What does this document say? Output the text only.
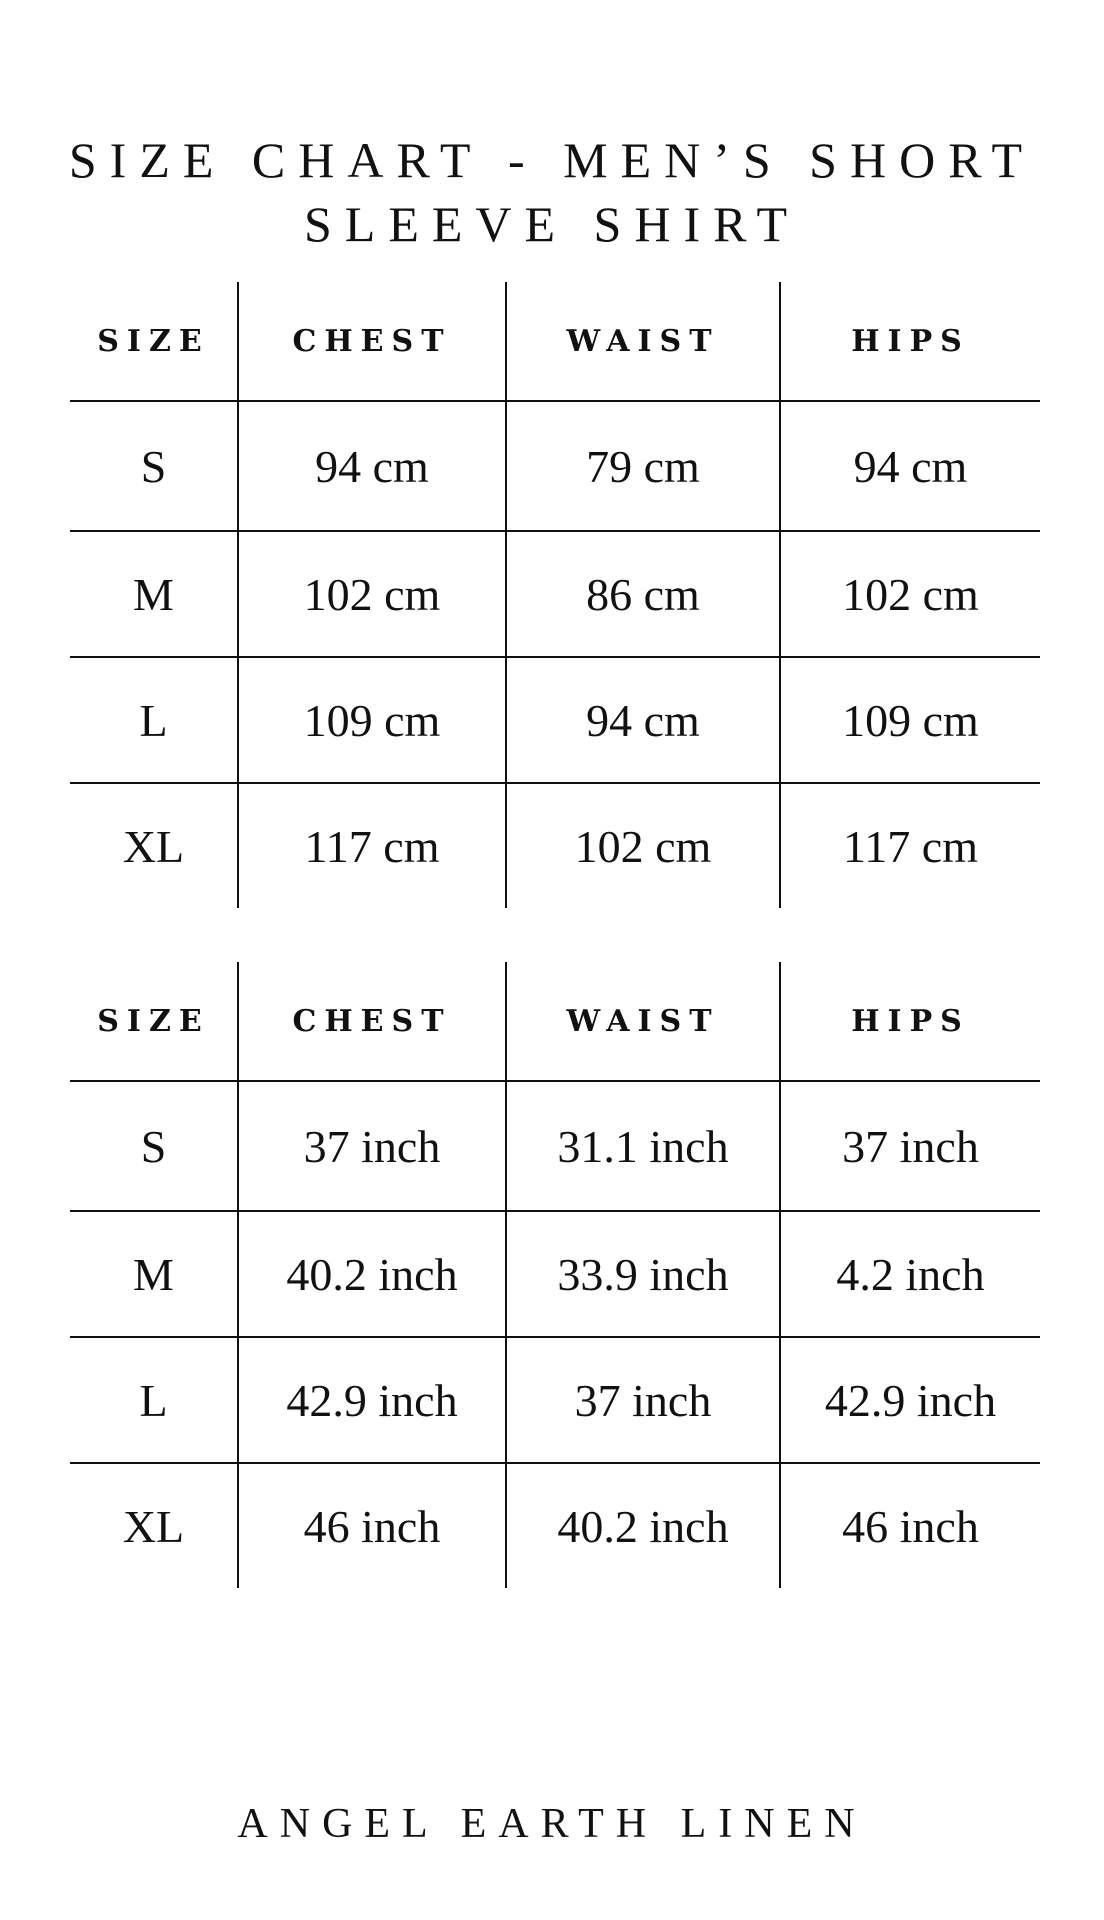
SIZE CHART - MEN’S SHORT
SLEEVE SHIRT
SIZE	CHEST	WAIST	HIPS
S	94 cm	79 cm	94 cm
M	102 cm	86 cm	102 cm
L	109 cm	94 cm	109 cm
XL	117 cm	102 cm	117 cm
SIZE	CHEST	WAIST	HIPS
S	37 inch	31.1 inch	37 inch
M	40.2 inch	33.9 inch	4.2 inch
L	42.9 inch	37 inch	42.9 inch
XL	46 inch	40.2 inch	46 inch
ANGEL EARTH LINEN
